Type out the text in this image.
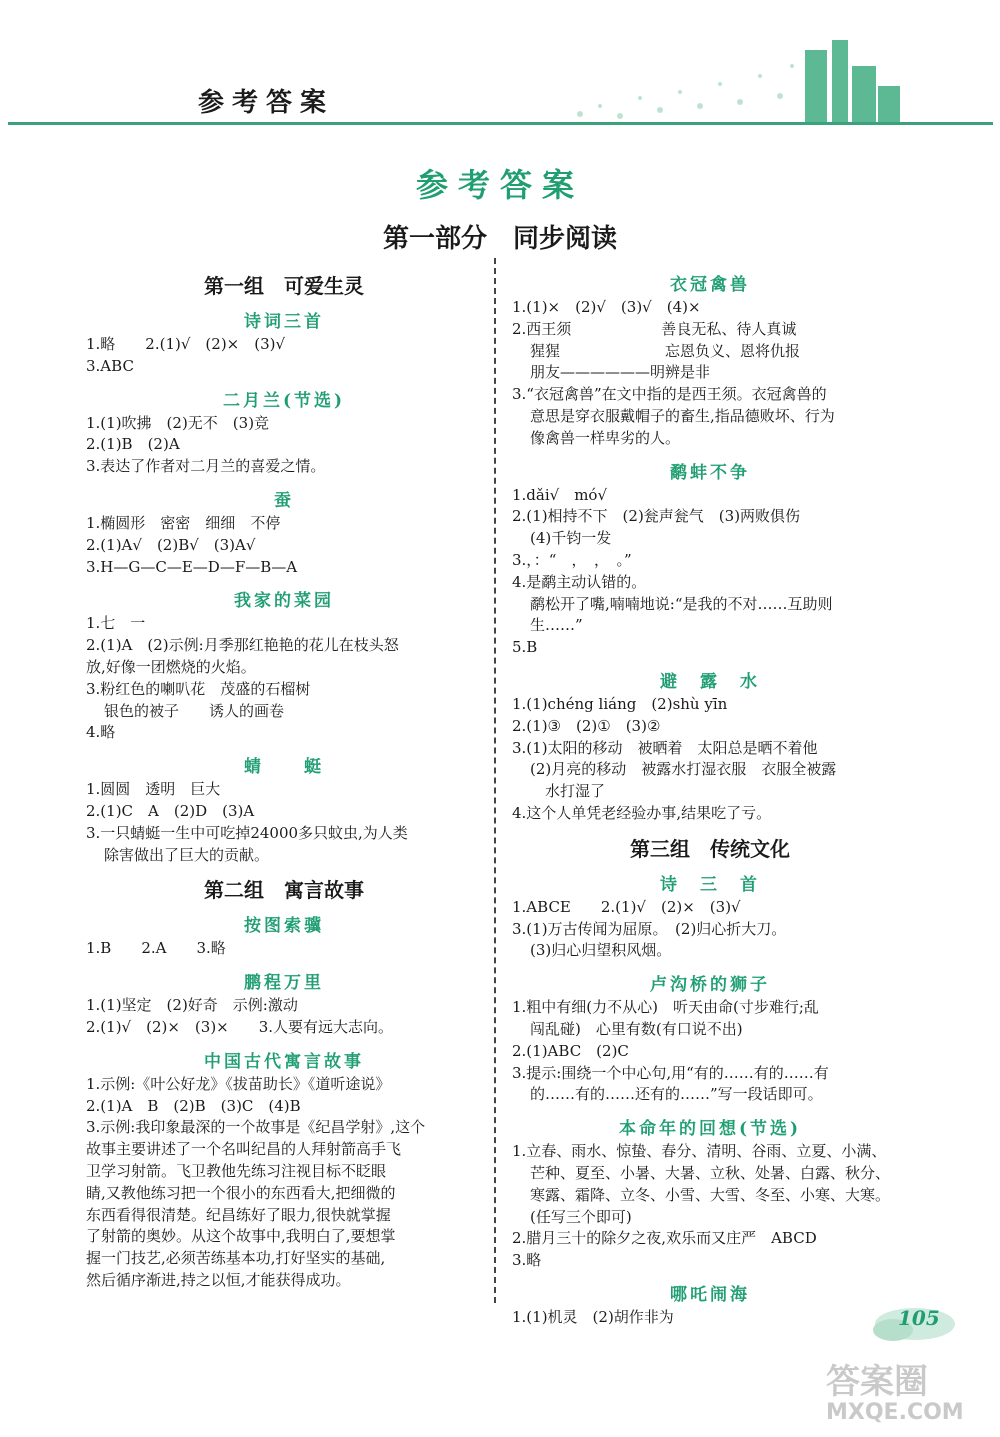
参考答案
参考答案
第一部分　同步阅读
第一组　可爱生灵
诗词三首
1.略　　2.(1)√　(2)×　(3)√
3.ABC
二月兰(节选)
1.(1)吹拂　(2)无不　(3)竞
2.(1)B　(2)A
3.表达了作者对二月兰的喜爱之情。
蚕
1.椭圆形　密密　细细　不停
2.(1)A√　(2)B√　(3)A√
3.H—G—C—E—D—F—B—A
我家的菜园
1.七　一
2.(1)A　(2)示例:月季那红艳艳的花儿在枝头怒
放,好像一团燃烧的火焰。
3.粉红色的喇叭花　茂盛的石榴树
银色的被子　　诱人的画卷
4.略
蜻　　蜓
1.圆圆　透明　巨大
2.(1)C　A　(2)D　(3)A
3.一只蜻蜓一生中可吃掉24000多只蚊虫,为人类
除害做出了巨大的贡献。
第二组　寓言故事
按图索骥
1.B　　2.A　　3.略
鹏程万里
1.(1)坚定　(2)好奇　示例:激动
2.(1)√　(2)×　(3)×　　3.人要有远大志向。
中国古代寓言故事
1.示例:《叶公好龙》《拔苗助长》《道听途说》
2.(1)A　B　(2)B　(3)C　(4)B
3.示例:我印象最深的一个故事是《纪昌学射》,这个
故事主要讲述了一个名叫纪昌的人拜射箭高手飞
卫学习射箭。飞卫教他先练习注视目标不眨眼
睛,又教他练习把一个很小的东西看大,把细微的
东西看得很清楚。纪昌练好了眼力,很快就掌握
了射箭的奥妙。从这个故事中,我明白了,要想掌
握一门技艺,必须苦练基本功,打好坚实的基础,
然后循序渐进,持之以恒,才能获得成功。
衣冠禽兽
1.(1)×　(2)√　(3)√　(4)×
2.西王须　　　　　　善良无私、待人真诚
猩猩　　　　　　　忘恩负义、恩将仇报
朋友——————明辨是非
3.“衣冠禽兽”在文中指的是西王须。衣冠禽兽的
意思是穿衣服戴帽子的畜生,指品德败坏、行为
像禽兽一样卑劣的人。
鹬蚌不争
1.dǎi√　mó√
2.(1)相持不下　(2)瓮声瓮气　(3)两败俱伤
(4)千钧一发
3.，：“　，　，　。”
4.是鹬主动认错的。
鹬松开了嘴,喃喃地说:“是我的不对……互助则
生……”
5.B
避　露　水
1.(1)chéng liáng　(2)shù yīn
2.(1)③　(2)①　(3)②
3.(1)太阳的移动　被晒着　太阳总是晒不着他
(2)月亮的移动　被露水打湿衣服　衣服全被露
　水打湿了
4.这个人单凭老经验办事,结果吃了亏。
第三组　传统文化
诗　三　首
1.ABCE　　2.(1)√　(2)×　(3)√
3.(1)万古传闻为屈原。　(2)归心折大刀。
(3)归心归望积风烟。
卢沟桥的狮子
1.粗中有细(力不从心)　听天由命(寸步难行;乱
闯乱碰)　心里有数(有口说不出)
2.(1)ABC　(2)C
3.提示:围绕一个中心句,用“有的……有的……有
的……有的……还有的……”写一段话即可。
本命年的回想(节选)
1.立春、雨水、惊蛰、春分、清明、谷雨、立夏、小满、
芒种、夏至、小暑、大暑、立秋、处暑、白露、秋分、
寒露、霜降、立冬、小雪、大雪、冬至、小寒、大寒。
(任写三个即可)
2.腊月三十的除夕之夜,欢乐而又庄严　ABCD
3.略
哪吒闹海
1.(1)机灵　(2)胡作非为	105
答案圈
MXQE.COM
